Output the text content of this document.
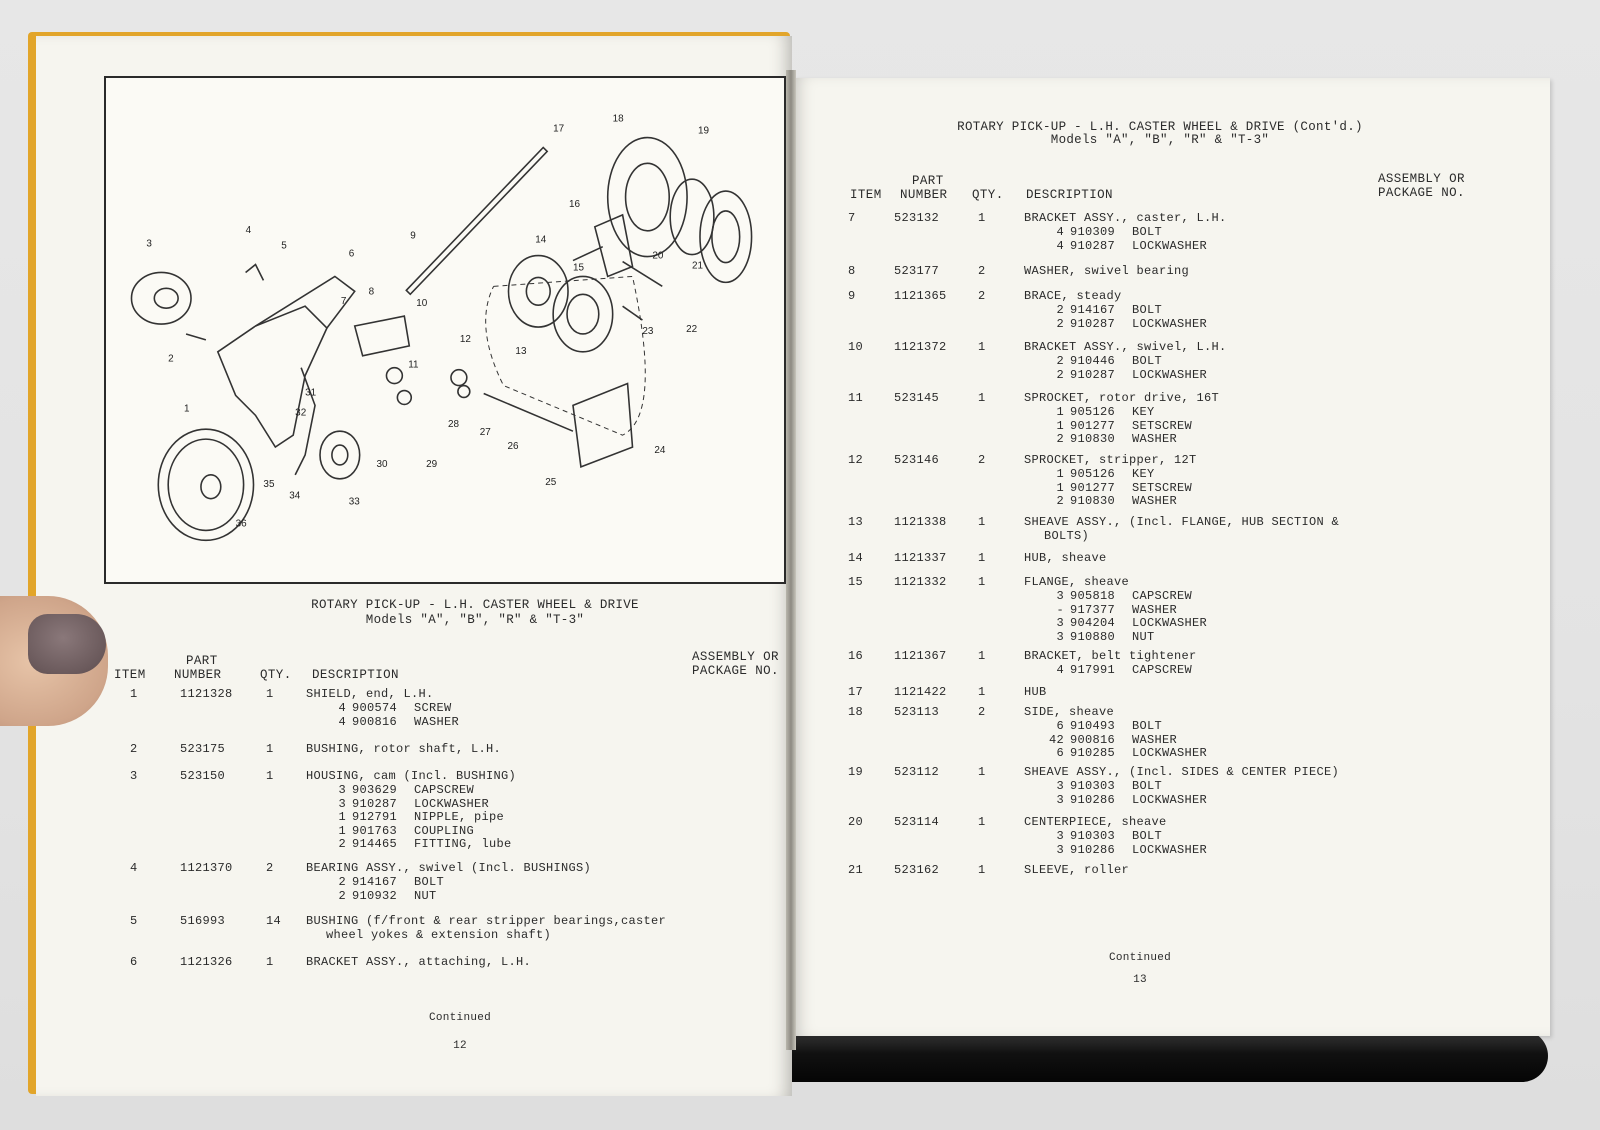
1
2
3
4
5
6
7
8
9
10
11
12
13
14
15
16
17
18
19
20
21
22
23
24
25
26
27
28
29
30
31
32
33
34
35
36
ROTARY PICK-UP - L.H. CASTER WHEEL & DRIVE
Models "A", "B", "R" & "T-3"
PART
ITEM NUMBER	QTY. DESCRIPTION
ASSEMBLY OR
PACKAGE NO.
1	1121328	1	SHIELD, end, L.H.
4 900574 SCREW
4 900816 WASHER
2	523175	1	BUSHING, rotor shaft, L.H.
3	523150	1	HOUSING, cam (Incl. BUSHING)
3 903629 CAPSCREW
3 910287 LOCKWASHER
1 912791 NIPPLE, pipe
1 901763 COUPLING
2 914465 FITTING, lube
4	1121370	2	BEARING ASSY., swivel (Incl. BUSHINGS)
2 914167 BOLT
2 910932 NUT
5	516993	14 BUSHING (f/front & rear stripper bearings,caster
wheel yokes & extension shaft)
6	1121326	1	BRACKET ASSY., attaching, L.H.
Continued
12
ROTARY PICK-UP - L.H. CASTER WHEEL & DRIVE (Cont'd.)
Models "A", "B", "R" & "T-3"
PART
ITEM NUMBER QTY. DESCRIPTION
ASSEMBLY OR
PACKAGE NO.
7	523132	1	BRACKET ASSY., caster, L.H.
4 910309 BOLT
4 910287 LOCKWASHER
8	523177	2	WASHER, swivel bearing
9	1121365	2	BRACE, steady
2 914167 BOLT
2 910287 LOCKWASHER
10	1121372	1	BRACKET ASSY., swivel, L.H.
2 910446 BOLT
2 910287 LOCKWASHER
11	523145	1	SPROCKET, rotor drive, 16T
1 905126 KEY
1 901277 SETSCREW
2 910830 WASHER
12	523146	2	SPROCKET, stripper, 12T
1 905126 KEY
1 901277 SETSCREW
2 910830 WASHER
13	1121338	1	SHEAVE ASSY., (Incl. FLANGE, HUB SECTION &
BOLTS)
14	1121337	1	HUB, sheave
15	1121332	1	FLANGE, sheave
3 905818 CAPSCREW
- 917377 WASHER
3 904204 LOCKWASHER
3 910880 NUT
16	1121367	1	BRACKET, belt tightener
4 917991 CAPSCREW
17	1121422	1	HUB
18	523113	2	SIDE, sheave
6 910493 BOLT
42 900816 WASHER
6 910285 LOCKWASHER
19	523112	1	SHEAVE ASSY., (Incl. SIDES & CENTER PIECE)
3 910303 BOLT
3 910286 LOCKWASHER
20	523114	1	CENTERPIECE, sheave
3 910303 BOLT
3 910286 LOCKWASHER
21	523162	1	SLEEVE, roller
Continued
13
